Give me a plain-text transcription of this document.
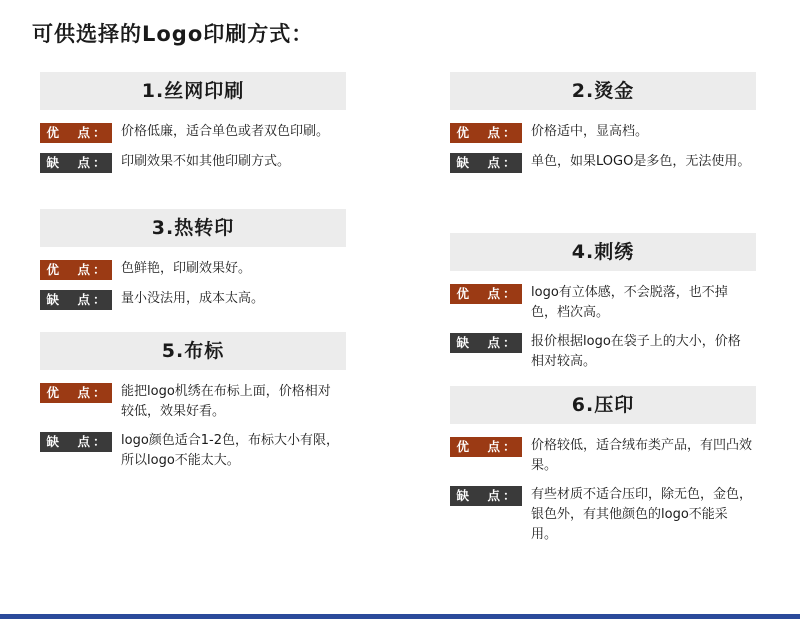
可供选择的Logo印刷方式：
1.丝网印刷
优　点： 价格低廉，适合单色或者双色印刷。
缺　点： 印刷效果不如其他印刷方式。
3.热转印
优　点： 色鲜艳，印刷效果好。
缺　点： 量小没法用，成本太高。
5.布标
优　点： 能把logo机绣在布标上面，价格相对较低，效果好看。
缺　点： logo颜色适合1-2色，布标大小有限，所以logo不能太大。
2.烫金
优　点： 价格适中，显高档。
缺　点： 单色，如果LOGO是多色，无法使用。
4.刺绣
优　点： logo有立体感，不会脱落，也不掉色，档次高。
缺　点： 报价根据logo在袋子上的大小，价格相对较高。
6.压印
优　点： 价格较低，适合绒布类产品，有凹凸效果。
缺　点： 有些材质不适合压印，除无色，金色，银色外，有其他颜色的logo不能采用。
